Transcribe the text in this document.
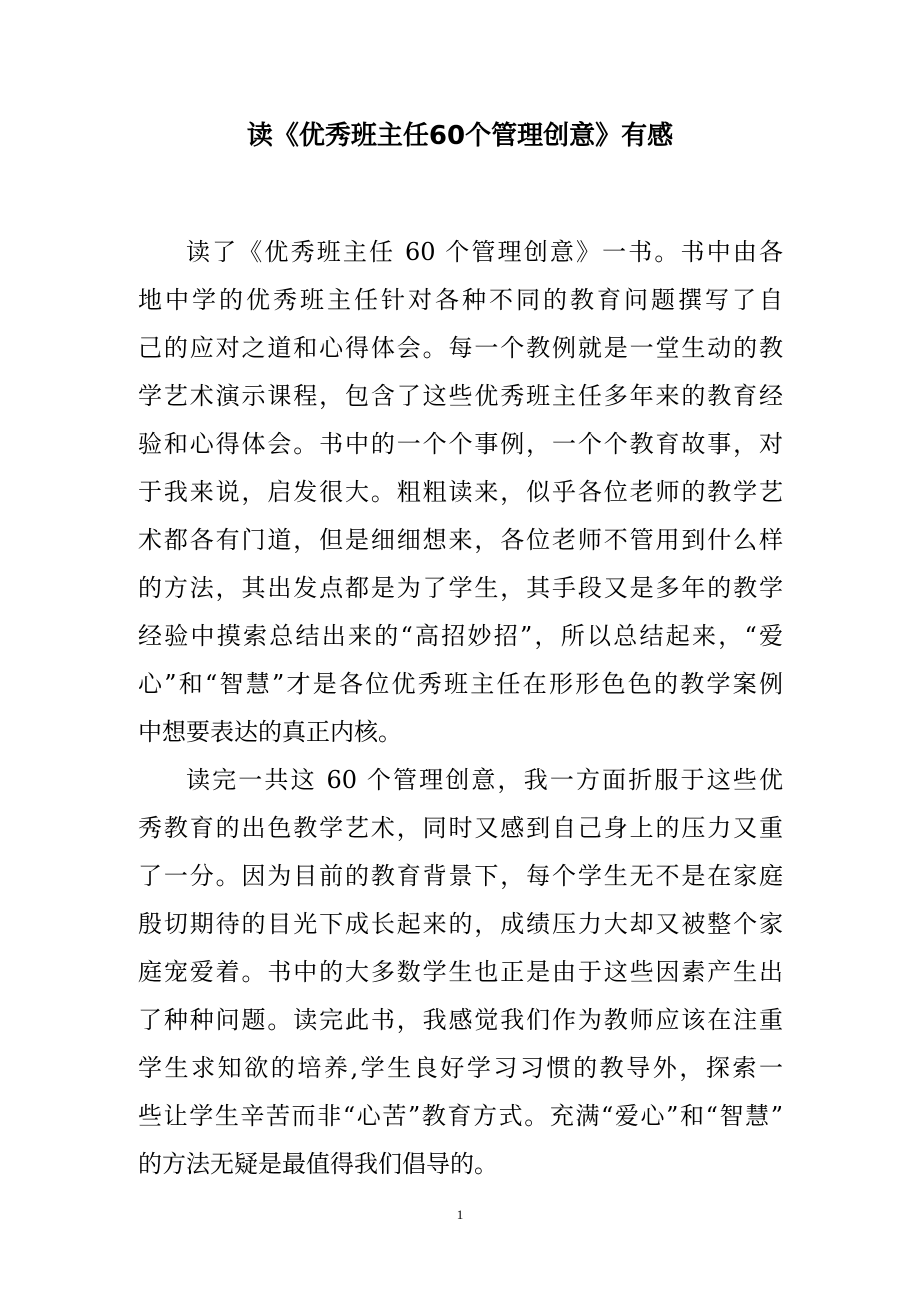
读《优秀班主任60个管理创意》有感
读了《优秀班主任 60 个管理创意》一书。书中由各
地中学的优秀班主任针对各种不同的教育问题撰写了自
己的应对之道和心得体会。每一个教例就是一堂生动的教
学艺术演示课程，包含了这些优秀班主任多年来的教育经
验和心得体会。书中的一个个事例，一个个教育故事，对
于我来说，启发很大。粗粗读来，似乎各位老师的教学艺
术都各有门道，但是细细想来，各位老师不管用到什么样
的方法，其出发点都是为了学生，其手段又是多年的教学
经验中摸索总结出来的“高招妙招”，所以总结起来，“爱
心”和“智慧”才是各位优秀班主任在形形色色的教学案例
中想要表达的真正内核。
读完一共这 60 个管理创意，我一方面折服于这些优
秀教育的出色教学艺术，同时又感到自己身上的压力又重
了一分。因为目前的教育背景下，每个学生无不是在家庭
殷切期待的目光下成长起来的，成绩压力大却又被整个家
庭宠爱着。书中的大多数学生也正是由于这些因素产生出
了种种问题。读完此书，我感觉我们作为教师应该在注重
学生求知欲的培养,学生良好学习习惯的教导外，探索一
些让学生辛苦而非“心苦”教育方式。充满“爱心”和“智慧”
的方法无疑是最值得我们倡导的。
1
